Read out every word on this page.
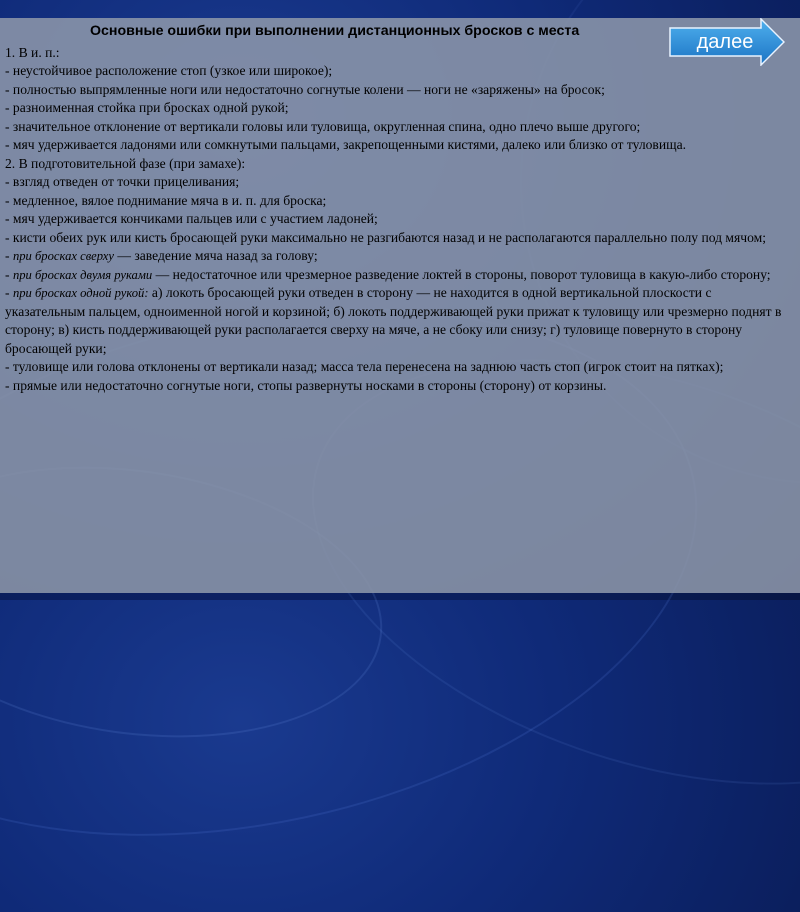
Основные ошибки при выполнении дистанционных бросков с места

1. В и. п.:

- неустойчивое расположение стоп (узкое или широкое);

- полностью выпрямленные ноги или недостаточно согнутые колени — ноги не «заряжены» на бросок;

- разноименная стойка при бросках одной рукой;

- значительное отклонение от вертикали головы или туловища, округленная спина, одно плечо выше другого;

- мяч удерживается ладонями или сомкнутыми пальцами, закрепощенными кистями, далеко или близко от туловища.

2. В подготовительной фазе (при замахе):

- взгляд отведен от точки прицеливания;

- медленное, вялое поднимание мяча в и. п. для броска;

- мяч удерживается кончиками пальцев или с участием ладоней;

- кисти обеих рук или кисть бросающей руки максимально не разгибаются назад и не располагаются параллельно полу под мячом;

- при бросках сверху — заведение мяча назад за голову;

- при бросках двумя руками — недостаточное или чрезмерное разведение локтей в стороны, поворот туловища в какую-либо сторону;

- при бросках одной рукой: а) локоть бросающей руки отведен в сторону — не находится в одной вертикальной плоскости с указательным пальцем, одноименной ногой и корзиной; б) локоть поддерживающей руки прижат к туловищу или чрезмерно поднят в сторону; в) кисть поддерживающей руки располагается сверху на мяче, а не сбоку или снизу; г) туловище повернуто в сторону бросающей руки;

- туловище или голова отклонены от вертикали назад; масса тела перенесена на заднюю часть стоп (игрок стоит на пятках);

- прямые или недостаточно согнутые ноги, стопы развернуты носками в стороны (сторону) от корзины.

далее
